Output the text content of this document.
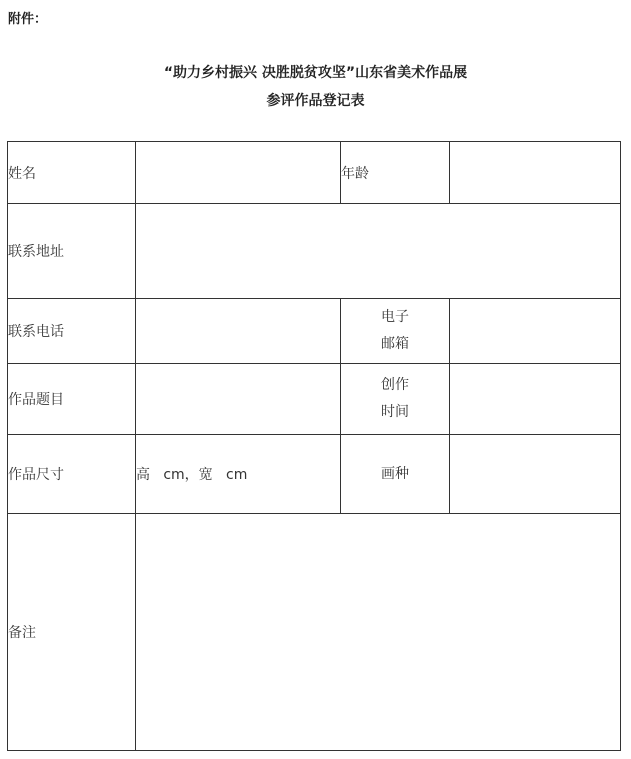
附件：
“助力乡村振兴 决胜脱贫攻坚”山东省美术作品展
参评作品登记表
姓名		年龄	
联系地址			
联系电话		电子
邮箱	

作品题目		创作
时间	

作品尺寸	高   cm，宽   cm	画种	
备注			
